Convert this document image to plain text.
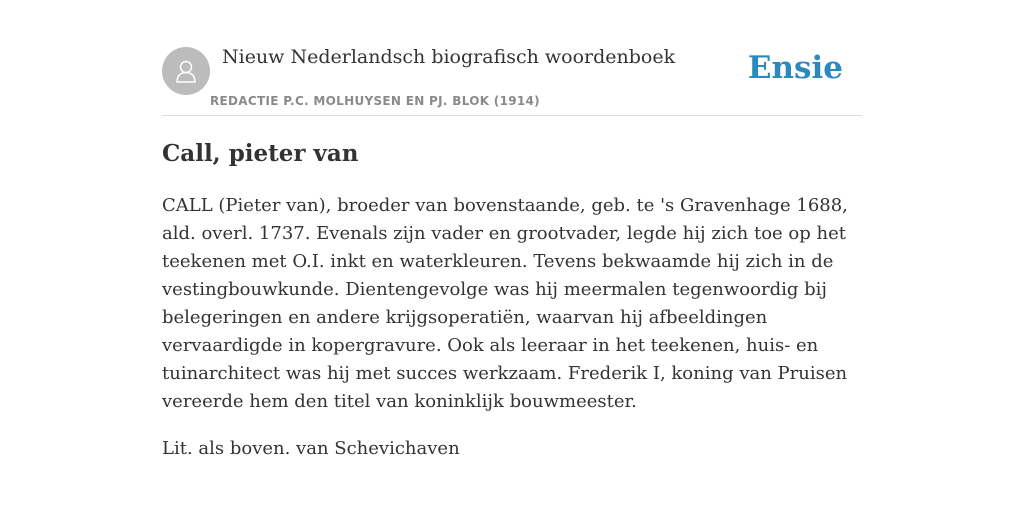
Nieuw Nederlandsch biografisch woordenboek
REDACTIE P.C. MOLHUYSEN EN PJ. BLOK (1914)
Ensie
Call, pieter van

CALL (Pieter van), broeder van bovenstaande, geb. te 's Gravenhage 1688, ald. overl. 1737. Evenals zijn vader en grootvader, legde hij zich toe op het teekenen met O.I. inkt en waterkleuren. Tevens bekwaamde hij zich in de vestingbouwkunde. Dientengevolge was hij meermalen tegenwoordig bij belegeringen en andere krijgsoperatiën, waarvan hij afbeeldingen vervaardigde in kopergravure. Ook als leeraar in het teekenen, huis- en tuinarchitect was hij met succes werkzaam. Frederik I, koning van Pruisen vereerde hem den titel van koninklijk bouwmeester.

Lit. als boven. van Schevichaven
